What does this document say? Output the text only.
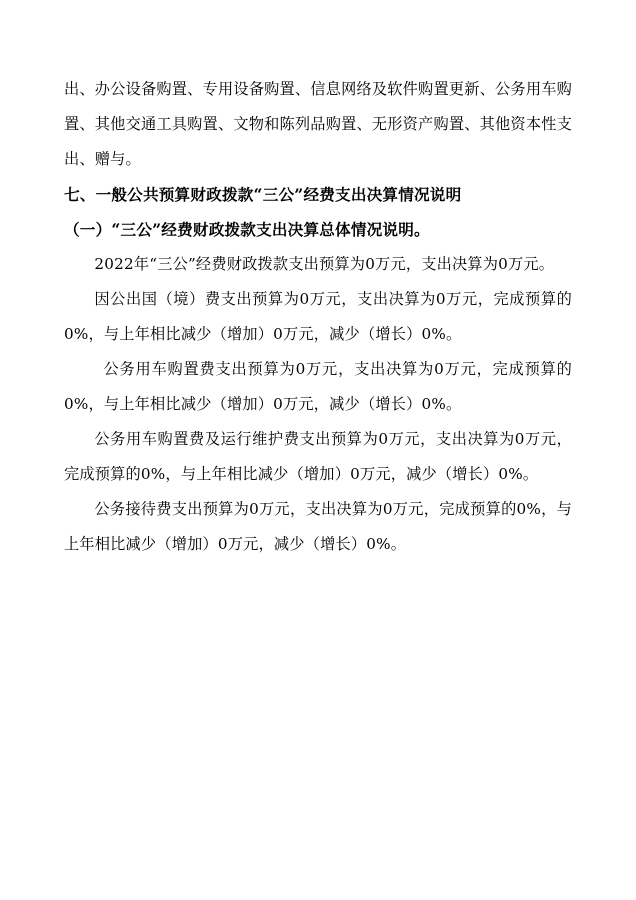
出、办公设备购置、专用设备购置、信息网络及软件购置更新、公务用车购置、其他交通工具购置、文物和陈列品购置、无形资产购置、其他资本性支出、赠与。

七、一般公共预算财政拨款“三公”经费支出决算情况说明

（一）“三公”经费财政拨款支出决算总体情况说明。

2022年“三公”经费财政拨款支出预算为0万元，支出决算为0万元。

因公出国（境）费支出预算为0万元，支出决算为0万元，完成预算的0%，与上年相比减少（增加）0万元，减少（增长）0%。

公务用车购置费支出预算为0万元，支出决算为0万元，完成预算的0%，与上年相比减少（增加）0万元，减少（增长）0%。

公务用车购置费及运行维护费支出预算为0万元，支出决算为0万元，完成预算的0%，与上年相比减少（增加）0万元，减少（增长）0%。

公务接待费支出预算为0万元，支出决算为0万元，完成预算的0%，与上年相比减少（增加）0万元，减少（增长）0%。
